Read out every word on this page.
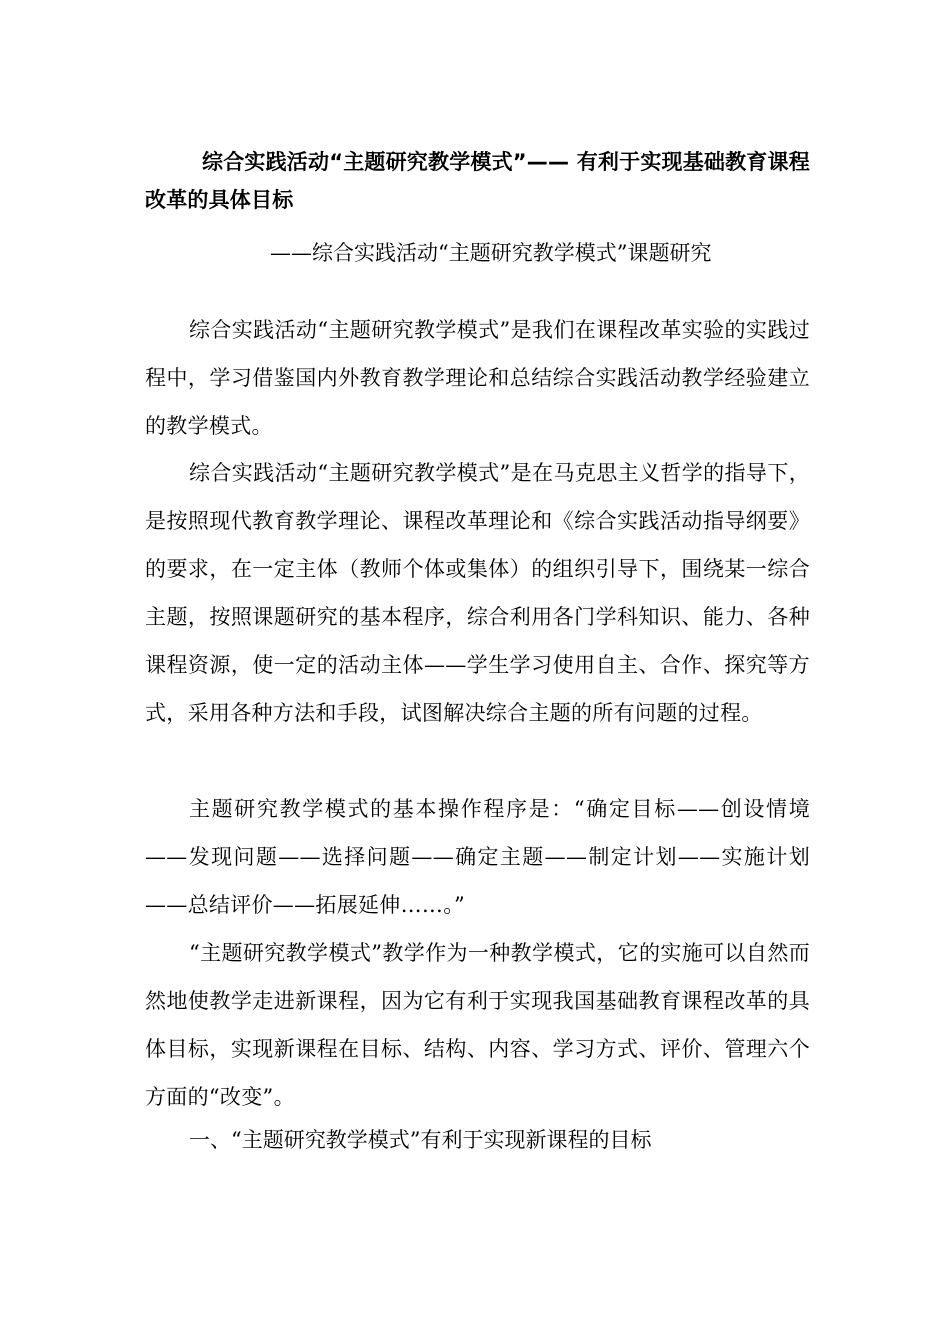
综合实践活动“主题研究教学模式”—— 有利于实现基础教育课程改革的具体目标
——综合实践活动“主题研究教学模式”课题研究
综合实践活动“主题研究教学模式”是我们在课程改革实验的实践过程中，学习借鉴国内外教育教学理论和总结综合实践活动教学经验建立的教学模式。
综合实践活动“主题研究教学模式”是在马克思主义哲学的指导下，是按照现代教育教学理论、课程改革理论和《综合实践活动指导纲要》的要求，在一定主体（教师个体或集体）的组织引导下，围绕某一综合主题，按照课题研究的基本程序，综合利用各门学科知识、能力、各种课程资源，使一定的活动主体——学生学习使用自主、合作、探究等方式，采用各种方法和手段，试图解决综合主题的所有问题的过程。
主题研究教学模式的基本操作程序是：“确定目标——创设情境——发现问题——选择问题——确定主题——制定计划——实施计划——总结评价——拓展延伸……。”
“主题研究教学模式”教学作为一种教学模式，它的实施可以自然而然地使教学走进新课程，因为它有利于实现我国基础教育课程改革的具体目标，实现新课程在目标、结构、内容、学习方式、评价、管理六个方面的“改变”。
一、“主题研究教学模式”有利于实现新课程的目标
